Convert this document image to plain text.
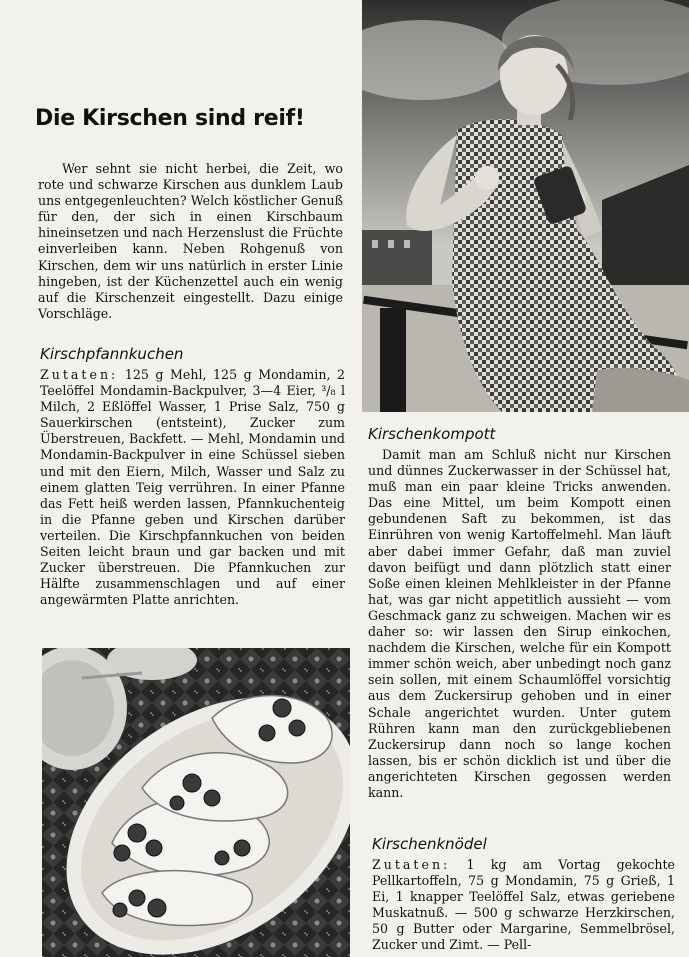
Die Kirschen sind reif!

Wer sehnt sie nicht herbei, die Zeit, wo rote und schwarze Kirschen aus dunklem Laub uns entgegenleuchten? Welch köstlicher Genuß für den, der sich in einen Kirschbaum hineinsetzen und nach Herzenslust die Früchte einverleiben kann. Neben Rohgenuß von Kirschen, dem wir uns natürlich in erster Linie hingeben, ist der Küchenzettel auch ein wenig auf die Kirschenzeit eingestellt. Dazu einige Vorschläge.

Kirschpfannkuchen

Zutaten: 125 g Mehl, 125 g Mondamin, 2 Teelöffel Mondamin-Backpulver, 3—4 Eier, ³/₈ l Milch, 2 Eßlöffel Wasser, 1 Prise Salz, 750 g Sauerkirschen (entsteint), Zucker zum Überstreuen, Backfett. — Mehl, Mondamin und Mondamin-Backpulver in eine Schüssel sieben und mit den Eiern, Milch, Wasser und Salz zu einem glatten Teig verrühren. In einer Pfanne das Fett heiß werden lassen, Pfannkuchenteig in die Pfanne geben und Kirschen darüber verteilen. Die Kirschpfannkuchen von beiden Seiten leicht braun und gar backen und mit Zucker überstreuen. Die Pfannkuchen zur Hälfte zusammenschlagen und auf einer angewärmten Platte anrichten.

Kirschenkompott

Damit man am Schluß nicht nur Kirschen und dünnes Zuckerwasser in der Schüssel hat, muß man ein paar kleine Tricks anwenden. Das eine Mittel, um beim Kompott einen gebundenen Saft zu bekommen, ist das Einrühren von wenig Kartoffelmehl. Man läuft aber dabei immer Gefahr, daß man zuviel davon beifügt und dann plötzlich statt einer Soße einen kleinen Mehlkleister in der Pfanne hat, was gar nicht appetitlich aussieht — vom Geschmack ganz zu schweigen. Machen wir es daher so: wir lassen den Sirup einkochen, nachdem die Kirschen, welche für ein Kompott immer schön weich, aber unbedingt noch ganz sein sollen, mit einem Schaumlöffel vorsichtig aus dem Zuckersirup gehoben und in einer Schale angerichtet wurden. Unter gutem Rühren kann man den zurückgebliebenen Zuckersirup dann noch so lange kochen lassen, bis er schön dicklich ist und über die angerichteten Kirschen gegossen werden kann.

Kirschenknödel

Zutaten: 1 kg am Vortag gekochte Pellkartoffeln, 75 g Mondamin, 75 g Grieß, 1 Ei, 1 knapper Teelöffel Salz, etwas geriebene Muskatnuß. — 500 g schwarze Herzkirschen, 50 g Butter oder Margarine, Semmelbrösel, Zucker und Zimt. — Pell-
